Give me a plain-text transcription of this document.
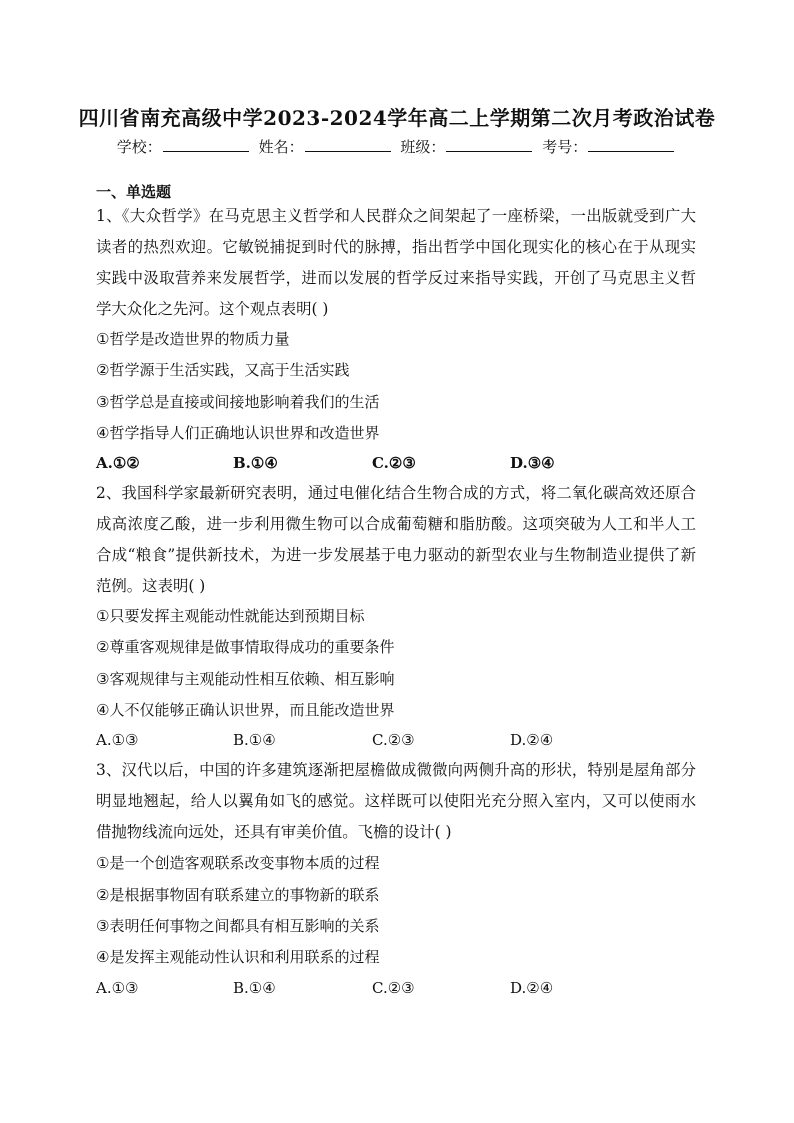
四川省南充高级中学2023-2024学年高二上学期第二次月考政治试卷
学校：	姓名：	班级：	考号：
一、单选题
1、《大众哲学》在马克思主义哲学和人民群众之间架起了一座桥梁，一出版就受到广大读者的热烈欢迎。它敏锐捕捉到时代的脉搏，指出哲学中国化现实化的核心在于从现实实践中汲取营养来发展哲学，进而以发展的哲学反过来指导实践，开创了马克思主义哲学大众化之先河。这个观点表明( )
①哲学是改造世界的物质力量
②哲学源于生活实践，又高于生活实践
③哲学总是直接或间接地影响着我们的生活
④哲学指导人们正确地认识世界和改造世界
A.①②	B.①④	C.②③	D.③④
2、我国科学家最新研究表明，通过电催化结合生物合成的方式，将二氧化碳高效还原合成高浓度乙酸，进一步利用微生物可以合成葡萄糖和脂肪酸。这项突破为人工和半人工合成“粮食”提供新技术，为进一步发展基于电力驱动的新型农业与生物制造业提供了新范例。这表明( )
①只要发挥主观能动性就能达到预期目标
②尊重客观规律是做事情取得成功的重要条件
③客观规律与主观能动性相互依赖、相互影响
④人不仅能够正确认识世界，而且能改造世界
A.①③	B.①④	C.②③	D.②④
3、汉代以后，中国的许多建筑逐渐把屋檐做成微微向两侧升高的形状，特别是屋角部分明显地翘起，给人以翼角如飞的感觉。这样既可以使阳光充分照入室内，又可以使雨水借抛物线流向远处，还具有审美价值。飞檐的设计( )
①是一个创造客观联系改变事物本质的过程
②是根据事物固有联系建立的事物新的联系
③表明任何事物之间都具有相互影响的关系
④是发挥主观能动性认识和利用联系的过程
A.①③	B.①④	C.②③	D.②④
